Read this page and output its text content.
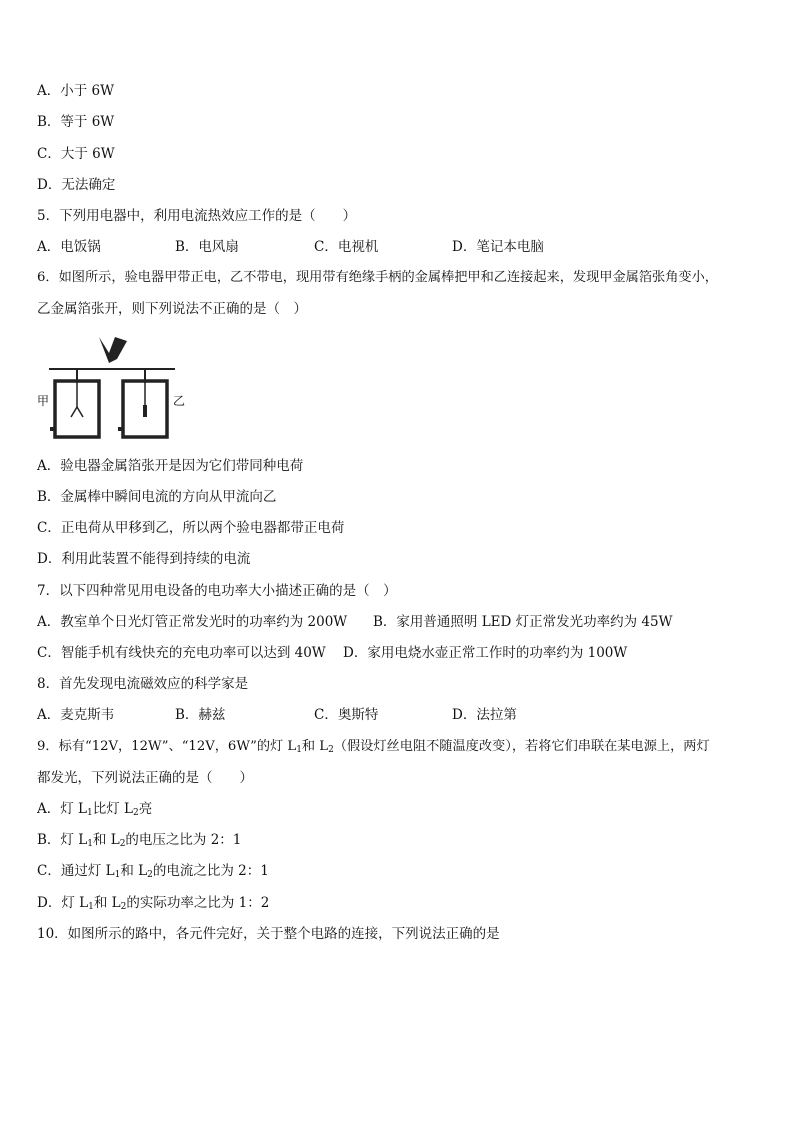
A．小于 6W
B．等于 6W
C．大于 6W
D．无法确定
5．下列用电器中，利用电流热效应工作的是（　　）
A．电饭锅	B．电风扇	C．电视机	D．笔记本电脑
6．如图所示，验电器甲带正电，乙不带电，现用带有绝缘手柄的金属棒把甲和乙连接起来，发现甲金属箔张角变小，
乙金属箔张开，则下列说法不正确的是（　）
甲	乙
A．验电器金属箔张开是因为它们带同种电荷
B．金属棒中瞬间电流的方向从甲流向乙
C．正电荷从甲移到乙，所以两个验电器都带正电荷
D．利用此装置不能得到持续的电流
7．以下四种常见用电设备的电功率大小描述正确的是（　）
A．教室单个日光灯管正常发光时的功率约为 200W B．家用普通照明 LED 灯正常发光功率约为 45W
C．智能手机有线快充的充电功率可以达到 40W D．家用电烧水壶正常工作时的功率约为 100W
8．首先发现电流磁效应的科学家是
A．麦克斯韦	B．赫兹	C．奥斯特	D．法拉第
9．标有“12V，12W”、“12V，6W”的灯 $L_1$和 $L_2$（假设灯丝电阻不随温度改变），若将它们串联在某电源上，两灯
都发光，下列说法正确的是（　　）
A．灯 $L_1$比灯 $L_2$亮
B．灯 $L_1$和 $L_2$的电压之比为 2：1
C．通过灯 $L_1$和 $L_2$的电流之比为 2：1
D．灯 $L_1$和 $L_2$的实际功率之比为 1：2
10．如图所示的路中，各元件完好，关于整个电路的连接，下列说法正确的是
